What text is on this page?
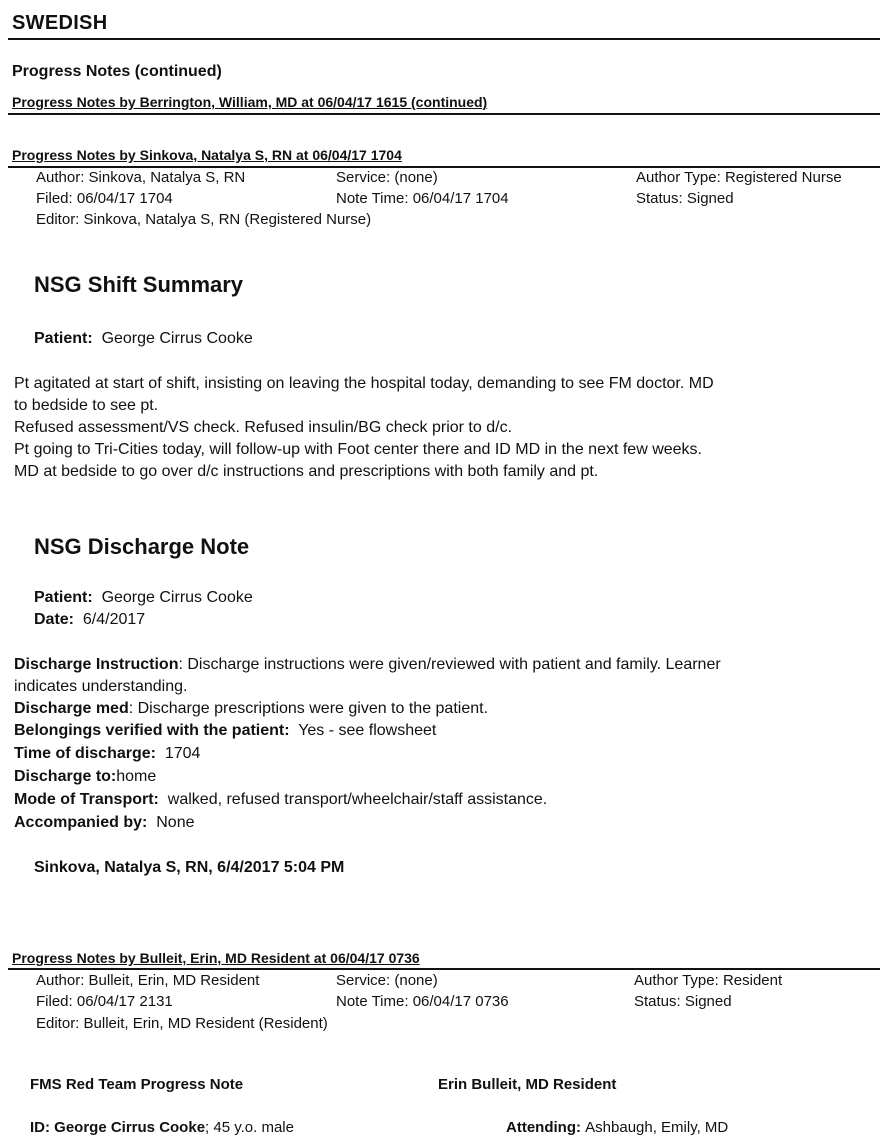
SWEDISH
Progress Notes (continued)
Progress Notes by Berrington, William, MD at 06/04/17 1615 (continued)
Progress Notes by Sinkova, Natalya S, RN at 06/04/17 1704
Author: Sinkova, Natalya S, RN	Service: (none)	Author Type: Registered Nurse
Filed: 06/04/17 1704	Note Time: 06/04/17 1704	Status: Signed
Editor: Sinkova, Natalya S, RN (Registered Nurse)
NSG Shift Summary
Patient: George Cirrus Cooke
Pt agitated at start of shift, insisting on leaving the hospital today, demanding to see FM doctor. MD
to bedside to see pt.
Refused assessment/VS check. Refused insulin/BG check prior to d/c.
Pt going to Tri-Cities today, will follow-up with Foot center there and ID MD in the next few weeks.
MD at bedside to go over d/c instructions and prescriptions with both family and pt.
NSG Discharge Note
Patient: George Cirrus Cooke
Date: 6/4/2017
Discharge Instruction: Discharge instructions were given/reviewed with patient and family. Learner
indicates understanding.
Discharge med: Discharge prescriptions were given to the patient.
Belongings verified with the patient: Yes - see flowsheet
Time of discharge: 1704
Discharge to:home
Mode of Transport: walked, refused transport/wheelchair/staff assistance.
Accompanied by: None
Sinkova, Natalya S, RN, 6/4/2017 5:04 PM
Progress Notes by Bulleit, Erin, MD Resident at 06/04/17 0736
Author: Bulleit, Erin, MD Resident	Service: (none)	Author Type: Resident
Filed: 06/04/17 2131	Note Time: 06/04/17 0736	Status: Signed
Editor: Bulleit, Erin, MD Resident (Resident)
FMS Red Team Progress Note	Erin Bulleit, MD Resident
ID: George Cirrus Cooke; 45 y.o. male	Attending: Ashbaugh, Emily, MD
